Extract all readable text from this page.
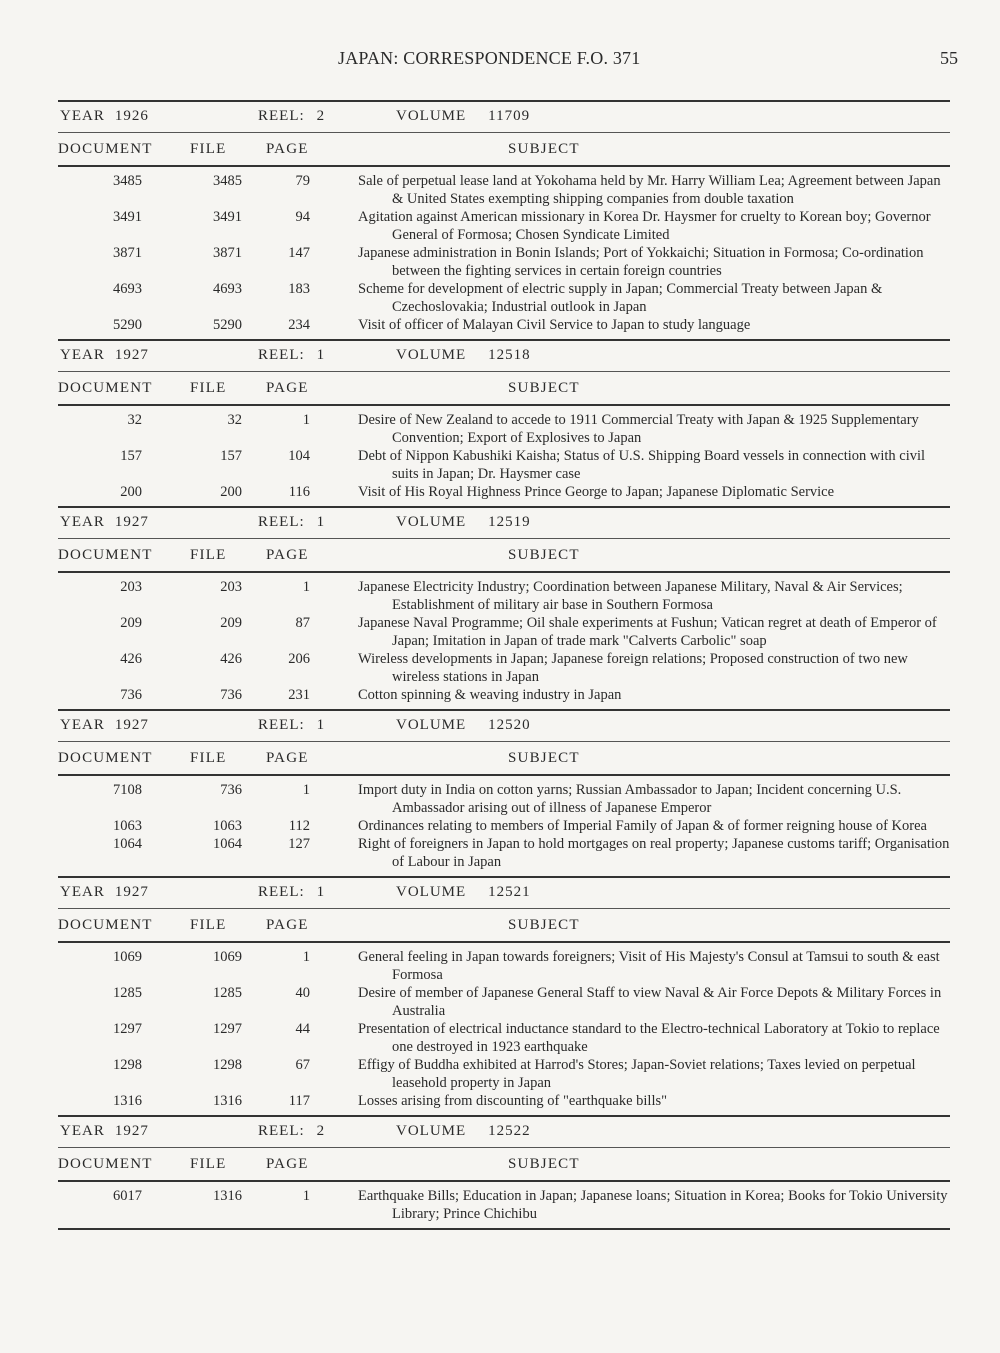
JAPAN: CORRESPONDENCE F.O. 371	55
YEAR 1926	REEL: 2	VOLUME 11709
DOCUMENT FILE	PAGE	SUBJECT
3485	3485	79	Sale of perpetual lease land at Yokohama held by Mr. Harry William Lea; Agreement between Japan & United States exempting shipping companies from double taxation
3491	3491	94	Agitation against American missionary in Korea Dr. Haysmer for cruelty to Korean boy; Governor General of Formosa; Chosen Syndicate Limited
3871	3871	147	Japanese administration in Bonin Islands; Port of Yokkaichi; Situation in Formosa; Co-ordination between the fighting services in certain foreign countries
4693	4693	183	Scheme for development of electric supply in Japan; Commercial Treaty between Japan & Czechoslovakia; Industrial outlook in Japan
5290	5290	234	Visit of officer of Malayan Civil Service to Japan to study language
YEAR 1927	REEL: 1	VOLUME 12518
DOCUMENT FILE	PAGE	SUBJECT
32	32	1	Desire of New Zealand to accede to 1911 Commercial Treaty with Japan & 1925 Supplementary Convention; Export of Explosives to Japan
157	157	104	Debt of Nippon Kabushiki Kaisha; Status of U.S. Shipping Board vessels in connection with civil suits in Japan; Dr. Haysmer case
200	200	116	Visit of His Royal Highness Prince George to Japan; Japanese Diplomatic Service
YEAR 1927	REEL: 1	VOLUME 12519
DOCUMENT FILE	PAGE	SUBJECT
203	203	1	Japanese Electricity Industry; Coordination between Japanese Military, Naval & Air Services; Establishment of military air base in Southern Formosa
209	209	87	Japanese Naval Programme; Oil shale experiments at Fushun; Vatican regret at death of Emperor of Japan; Imitation in Japan of trade mark "Calverts Carbolic" soap
426	426	206	Wireless developments in Japan; Japanese foreign relations; Proposed construction of two new wireless stations in Japan
736	736	231	Cotton spinning & weaving industry in Japan
YEAR 1927	REEL: 1	VOLUME 12520
DOCUMENT FILE	PAGE	SUBJECT
7108	736	1	Import duty in India on cotton yarns; Russian Ambassador to Japan; Incident concerning U.S. Ambassador arising out of illness of Japanese Emperor
1063	1063	112	Ordinances relating to members of Imperial Family of Japan & of former reigning house of Korea
1064	1064	127	Right of foreigners in Japan to hold mortgages on real property; Japanese customs tariff; Organisation of Labour in Japan
YEAR 1927	REEL: 1	VOLUME 12521
DOCUMENT FILE	PAGE	SUBJECT
1069	1069	1	General feeling in Japan towards foreigners; Visit of His Majesty's Consul at Tamsui to south & east Formosa
1285	1285	40	Desire of member of Japanese General Staff to view Naval & Air Force Depots & Military Forces in Australia
1297	1297	44	Presentation of electrical inductance standard to the Electro-technical Laboratory at Tokio to replace one destroyed in 1923 earthquake
1298	1298	67	Effigy of Buddha exhibited at Harrod's Stores; Japan-Soviet relations; Taxes levied on perpetual leasehold property in Japan
1316	1316	117	Losses arising from discounting of "earthquake bills"
YEAR 1927	REEL: 2	VOLUME 12522
DOCUMENT FILE	PAGE	SUBJECT
6017	1316	1	Earthquake Bills; Education in Japan; Japanese loans; Situation in Korea; Books for Tokio University Library; Prince Chichibu
